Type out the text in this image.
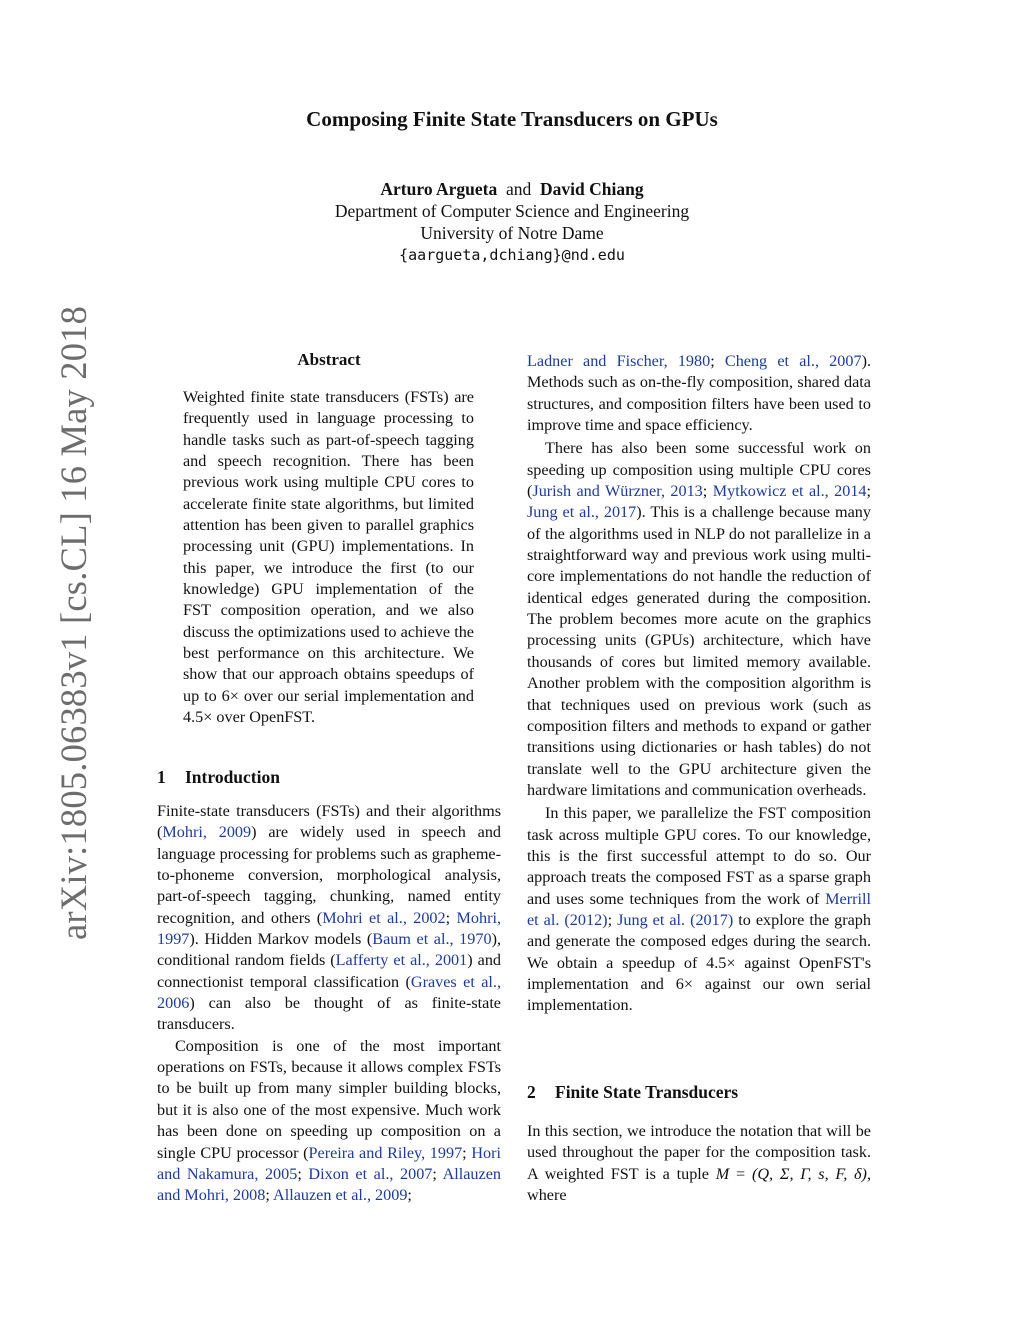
Composing Finite State Transducers on GPUs
Arturo Argueta and David Chiang
Department of Computer Science and Engineering
University of Notre Dame
{aargueta,dchiang}@nd.edu
arXiv:1805.06383v1 [cs.CL] 16 May 2018	Abstract
Weighted finite state transducers (FSTs) are frequently used in language processing to handle tasks such as part-of-speech tagging and speech recognition. There has been previous work using multiple CPU cores to accelerate finite state algorithms, but limited attention has been given to parallel graphics processing unit (GPU) implementations. In this paper, we introduce the first (to our knowledge) GPU implementation of the FST composition operation, and we also discuss the optimizations used to achieve the best performance on this architecture. We show that our approach obtains speedups of up to 6× over our serial implementation and 4.5× over OpenFST.
1 Introduction

Finite-state transducers (FSTs) and their algorithms (Mohri, 2009) are widely used in speech and language processing for problems such as grapheme-to-phoneme conversion, morphological analysis, part-of-speech tagging, chunking, named entity recognition, and others (Mohri et al., 2002; Mohri, 1997). Hidden Markov models (Baum et al., 1970), conditional random fields (Lafferty et al., 2001) and connectionist temporal classification (Graves et al., 2006) can also be thought of as finite-state transducers.

Composition is one of the most important operations on FSTs, because it allows complex FSTs to be built up from many simpler building blocks, but it is also one of the most expensive. Much work has been done on speeding up composition on a single CPU processor (Pereira and Riley, 1997; Hori and Nakamura, 2005; Dixon et al., 2007; Allauzen and Mohri, 2008; Allauzen et al., 2009;

Ladner and Fischer, 1980; Cheng et al., 2007). Methods such as on-the-fly composition, shared data structures, and composition filters have been used to improve time and space efficiency.

There has also been some successful work on speeding up composition using multiple CPU cores (Jurish and Würzner, 2013; Mytkowicz et al., 2014; Jung et al., 2017). This is a challenge because many of the algorithms used in NLP do not parallelize in a straightforward way and previous work using multi-core implementations do not handle the reduction of identical edges generated during the composition. The problem becomes more acute on the graphics processing units (GPUs) architecture, which have thousands of cores but limited memory available. Another problem with the composition algorithm is that techniques used on previous work (such as composition filters and methods to expand or gather transitions using dictionaries or hash tables) do not translate well to the GPU architecture given the hardware limitations and communication overheads.

In this paper, we parallelize the FST composition task across multiple GPU cores. To our knowledge, this is the first successful attempt to do so. Our approach treats the composed FST as a sparse graph and uses some techniques from the work of Merrill et al. (2012); Jung et al. (2017) to explore the graph and generate the composed edges during the search. We obtain a speedup of 4.5× against OpenFST's implementation and 6× against our own serial implementation.

2 Finite State Transducers

In this section, we introduce the notation that will be used throughout the paper for the composition task. A weighted FST is a tuple M = (Q, Σ, Γ, s, F, δ), where
